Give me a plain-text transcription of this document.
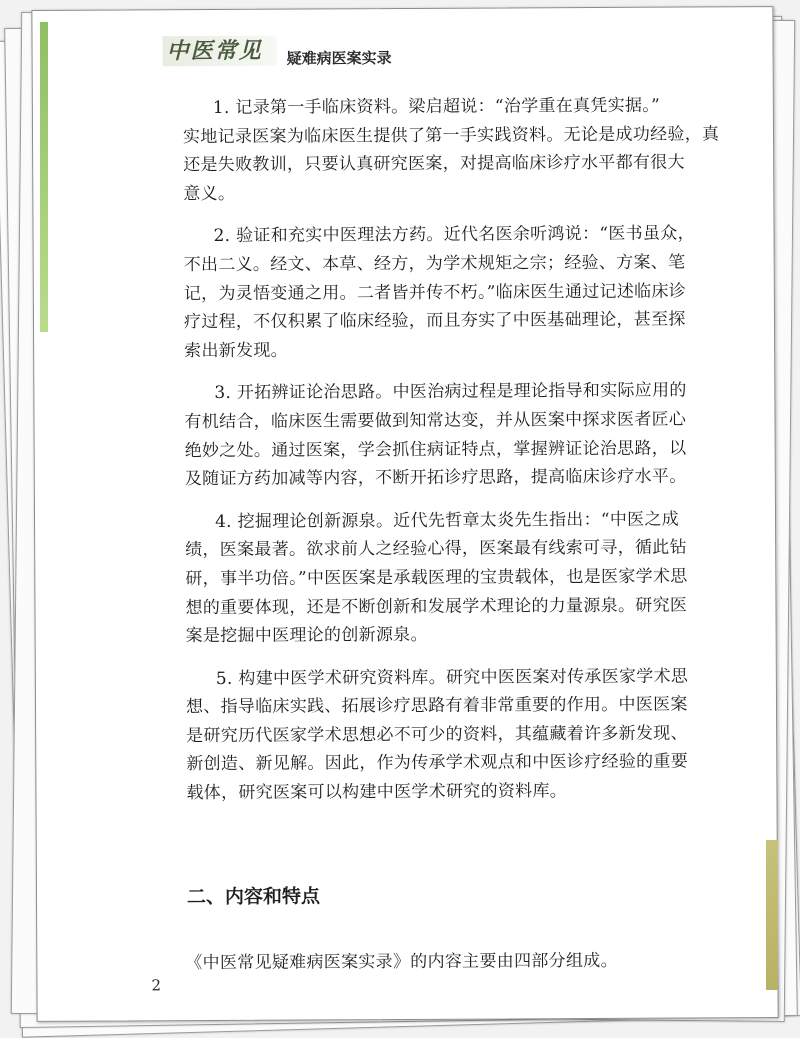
中医常见	疑难病医案实录
1. 记录第一手临床资料。梁启超说：“治学重在真凭实据。”
实地记录医案为临床医生提供了第一手实践资料。无论是成功经验，真
还是失败教训，只要认真研究医案，对提高临床诊疗水平都有很大
意义。
2. 验证和充实中医理法方药。近代名医余听鸿说：“医书虽众，
不出二义。经文、本草、经方，为学术规矩之宗；经验、方案、笔
记，为灵悟变通之用。二者皆并传不朽。”临床医生通过记述临床诊
疗过程，不仅积累了临床经验，而且夯实了中医基础理论，甚至探
索出新发现。
3. 开拓辨证论治思路。中医治病过程是理论指导和实际应用的
有机结合，临床医生需要做到知常达变，并从医案中探求医者匠心
绝妙之处。通过医案，学会抓住病证特点，掌握辨证论治思路，以
及随证方药加减等内容，不断开拓诊疗思路，提高临床诊疗水平。
4. 挖掘理论创新源泉。近代先哲章太炎先生指出：“中医之成
绩，医案最著。欲求前人之经验心得，医案最有线索可寻，循此钻
研，事半功倍。”中医医案是承载医理的宝贵载体，也是医家学术思
想的重要体现，还是不断创新和发展学术理论的力量源泉。研究医
案是挖掘中医理论的创新源泉。
5. 构建中医学术研究资料库。研究中医医案对传承医家学术思
想、指导临床实践、拓展诊疗思路有着非常重要的作用。中医医案
是研究历代医家学术思想必不可少的资料，其蕴藏着许多新发现、
新创造、新见解。因此，作为传承学术观点和中医诊疗经验的重要
载体，研究医案可以构建中医学术研究的资料库。
二、内容和特点
《中医常见疑难病医案实录》的内容主要由四部分组成。
2
